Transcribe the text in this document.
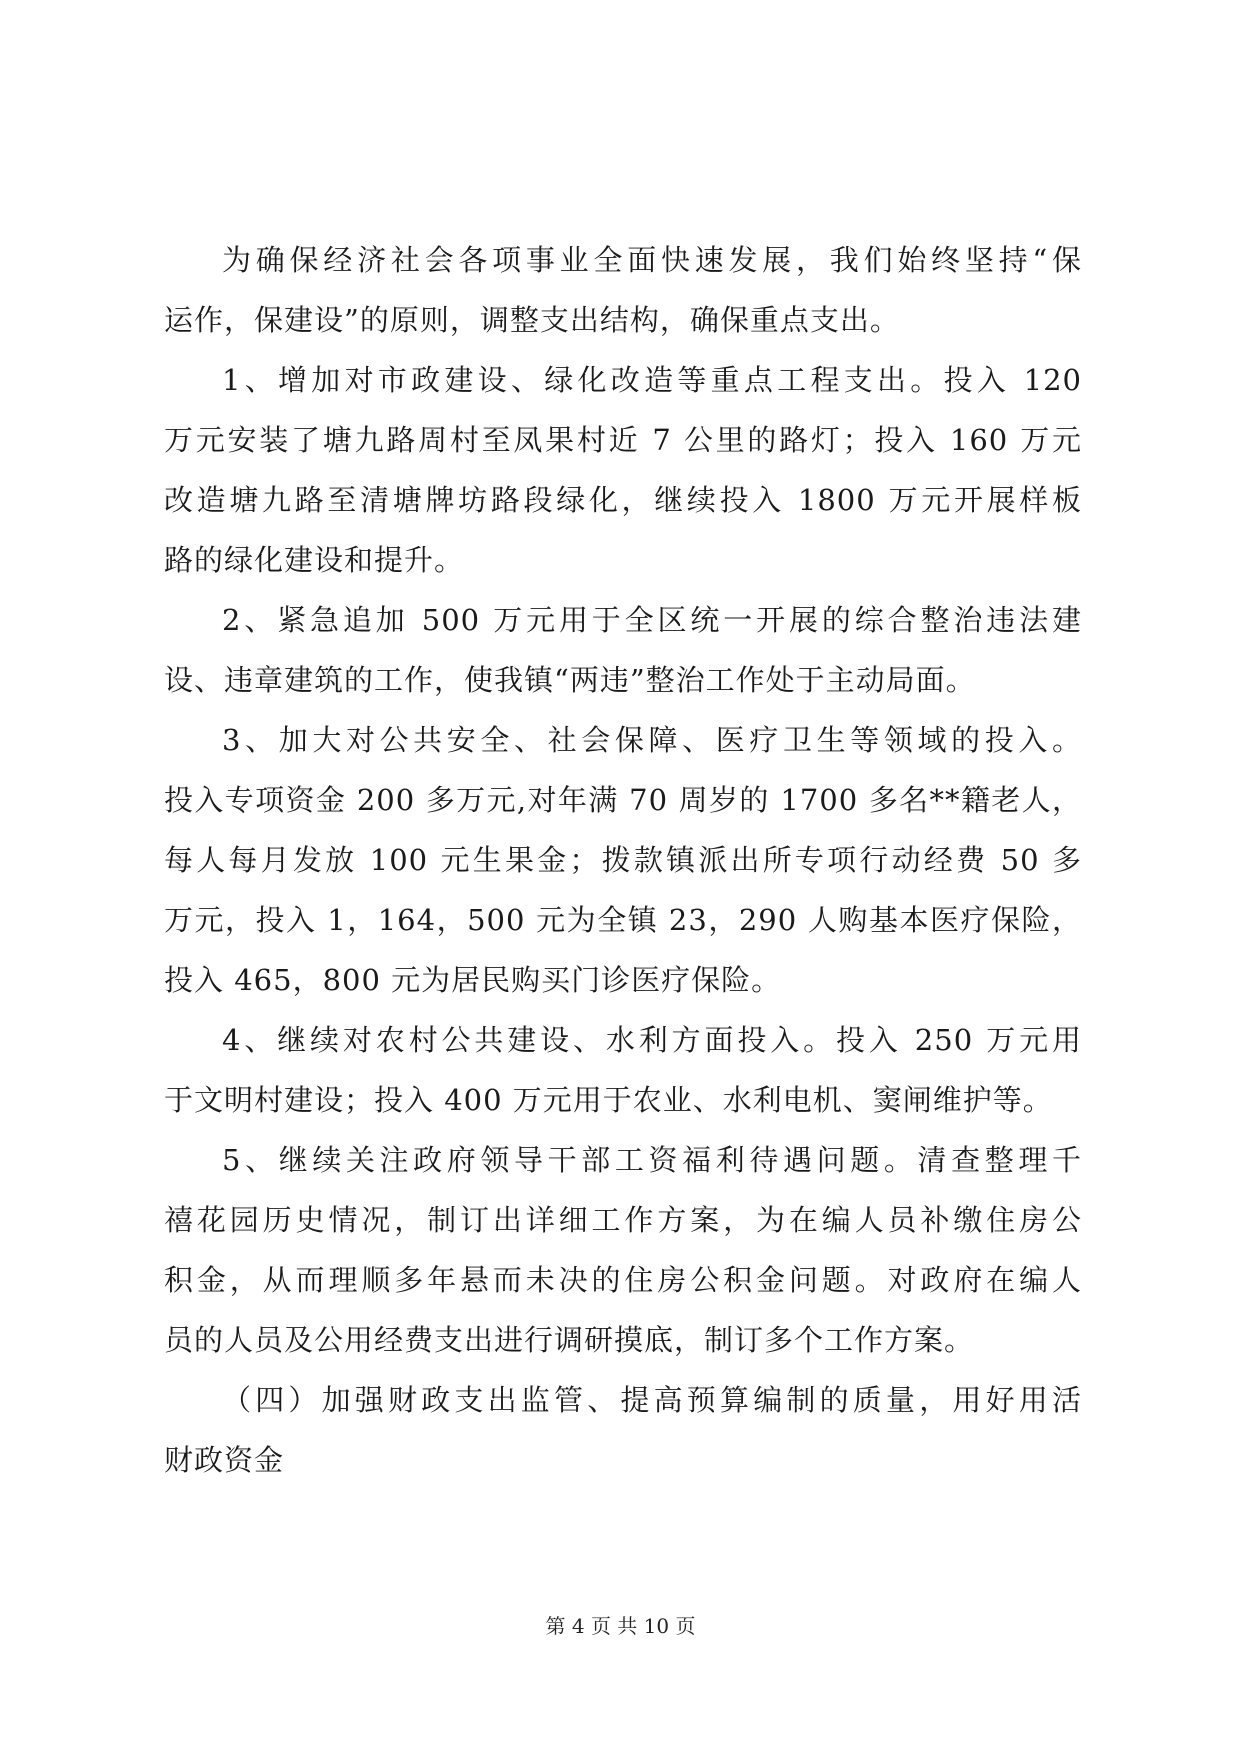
为确保经济社会各项事业全面快速发展，我们始终坚持“保
运作，保建设”的原则，调整支出结构，确保重点支出。

1、增加对市政建设、绿化改造等重点工程支出。投入 120
万元安装了塘九路周村至凤果村近 7 公里的路灯；投入 160 万元
改造塘九路至清塘牌坊路段绿化，继续投入 1800 万元开展样板
路的绿化建设和提升。

2、紧急追加 500 万元用于全区统一开展的综合整治违法建
设、违章建筑的工作，使我镇“两违”整治工作处于主动局面。

3、加大对公共安全、社会保障、医疗卫生等领域的投入。
投入专项资金 200 多万元,对年满 70 周岁的 1700 多名**籍老人，
每人每月发放 100 元生果金；拨款镇派出所专项行动经费 50 多
万元，投入 1，164，500 元为全镇 23，290 人购基本医疗保险，
投入 465，800 元为居民购买门诊医疗保险。

4、继续对农村公共建设、水利方面投入。投入 250 万元用
于文明村建设；投入 400 万元用于农业、水利电机、窦闸维护等。

5、继续关注政府领导干部工资福利待遇问题。清查整理千
禧花园历史情况，制订出详细工作方案，为在编人员补缴住房公
积金，从而理顺多年悬而未决的住房公积金问题。对政府在编人
员的人员及公用经费支出进行调研摸底，制订多个工作方案。

（四）加强财政支出监管、提高预算编制的质量，用好用活
财政资金

第 4 页 共 10 页
